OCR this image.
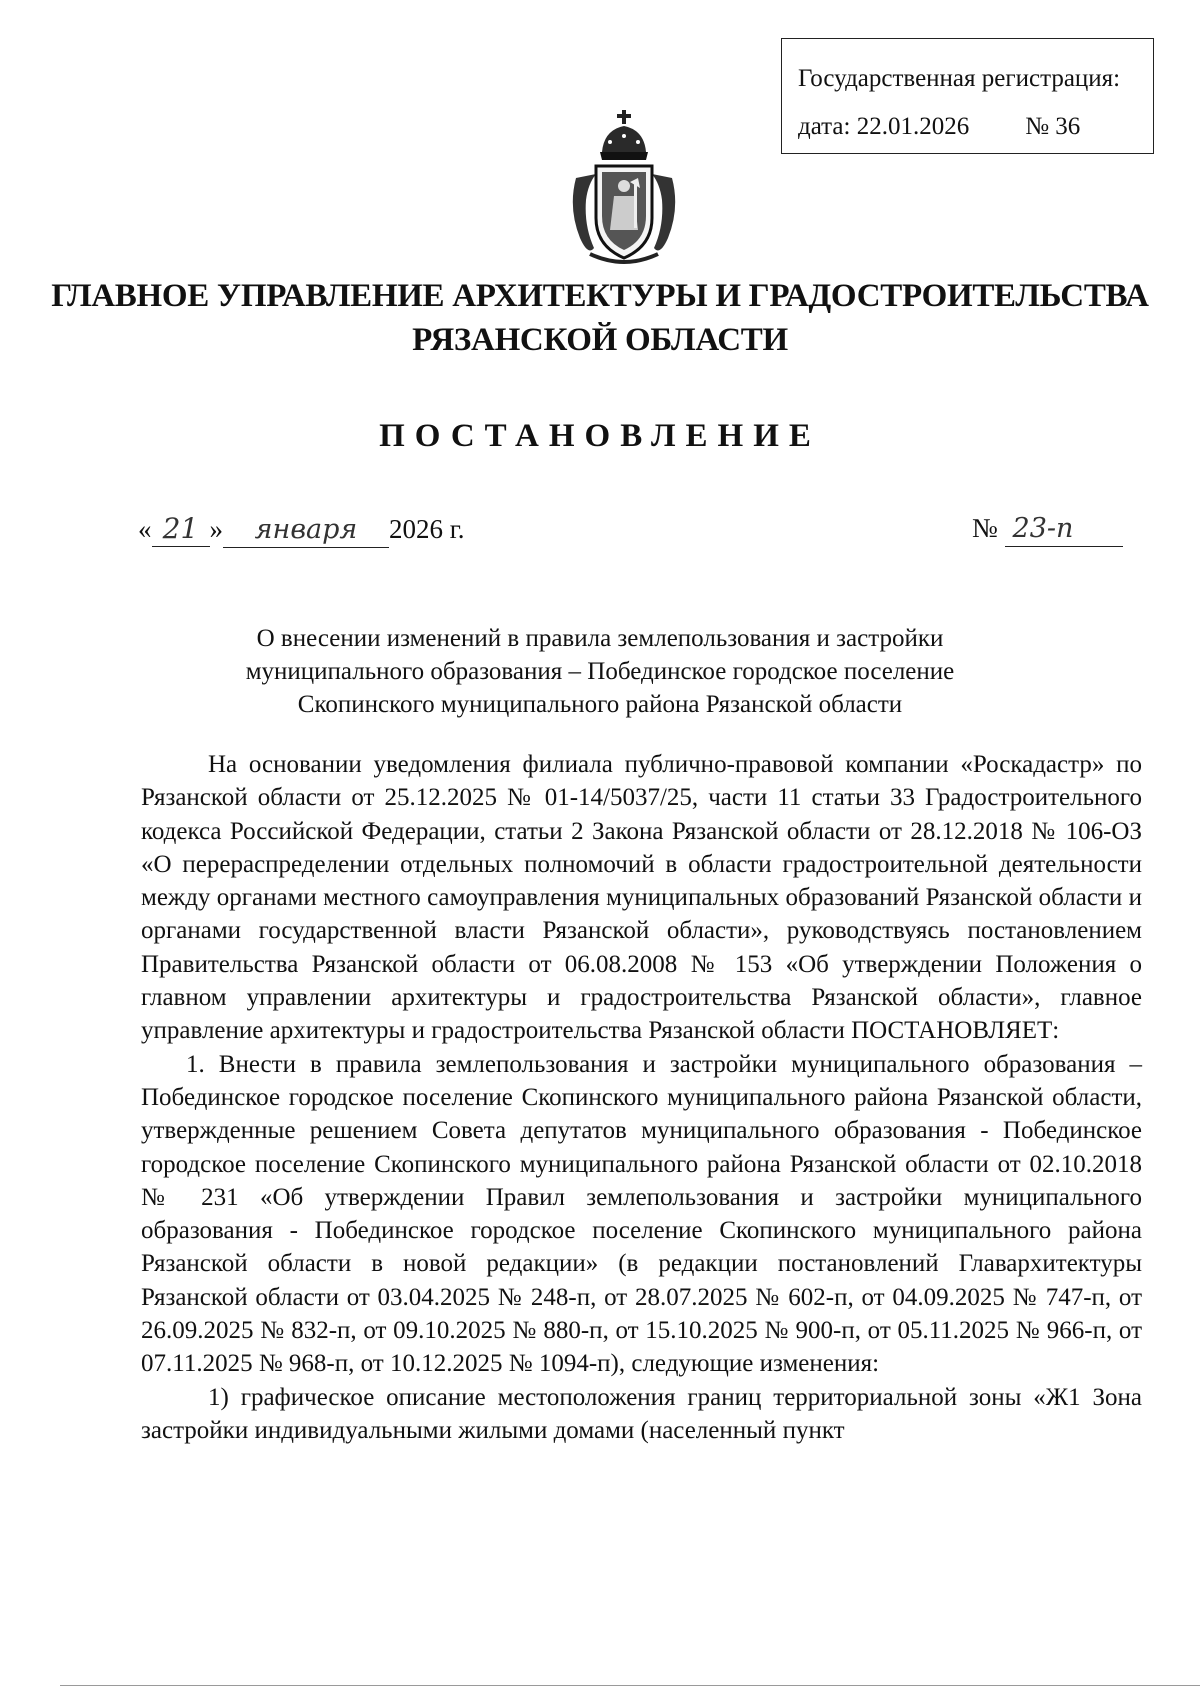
Государственная регистрация:
дата: 22.01.2026 № 36
ГЛАВНОЕ УПРАВЛЕНИЕ АРХИТЕКТУРЫ И ГРАДОСТРОИТЕЛЬСТВА
РЯЗАНСКОЙ ОБЛАСТИ
ПОСТАНОВЛЕНИЕ
« 21 » января 2026 г.	№ 23-п
О внесении изменений в правила землепользования и застройки
муниципального образования – Побединское городское поселение
Скопинского муниципального района Рязанской области

На основании уведомления филиала публично-правовой компании «Роскадастр» по Рязанской области от 25.12.2025 № 01-14/5037/25, части 11 статьи 33 Градостроительного кодекса Российской Федерации, статьи 2 Закона Рязанской области от 28.12.2018 № 106-ОЗ «О перераспределении отдельных полномочий в области градостроительной деятельности между органами местного самоуправления муниципальных образований Рязанской области и органами государственной власти Рязанской области», руководствуясь постановлением Правительства Рязанской области от 06.08.2008 № 153 «Об утверждении Положения о главном управлении архитектуры и градостроительства Рязанской области», главное управление архитектуры и градостроительства Рязанской области ПОСТАНОВЛЯЕТ:

1. Внести в правила землепользования и застройки муниципального образования – Побединское городское поселение Скопинского муниципального района Рязанской области, утвержденные решением Совета депутатов муниципального образования - Побединское городское поселение Скопинского муниципального района Рязанской области от 02.10.2018 № 231 «Об утверждении Правил землепользования и застройки муниципального образования - Побединское городское поселение Скопинского муниципального района Рязанской области в новой редакции» (в редакции постановлений Главархитектуры Рязанской области от 03.04.2025 № 248-п, от 28.07.2025 № 602-п, от 04.09.2025 № 747-п, от 26.09.2025 № 832-п, от 09.10.2025 № 880-п, от 15.10.2025 № 900-п, от 05.11.2025 № 966-п, от 07.11.2025 № 968-п, от 10.12.2025 № 1094-п), следующие изменения:

1) графическое описание местоположения границ территориальной зоны «Ж1 Зона застройки индивидуальными жилыми домами (населенный пункт
